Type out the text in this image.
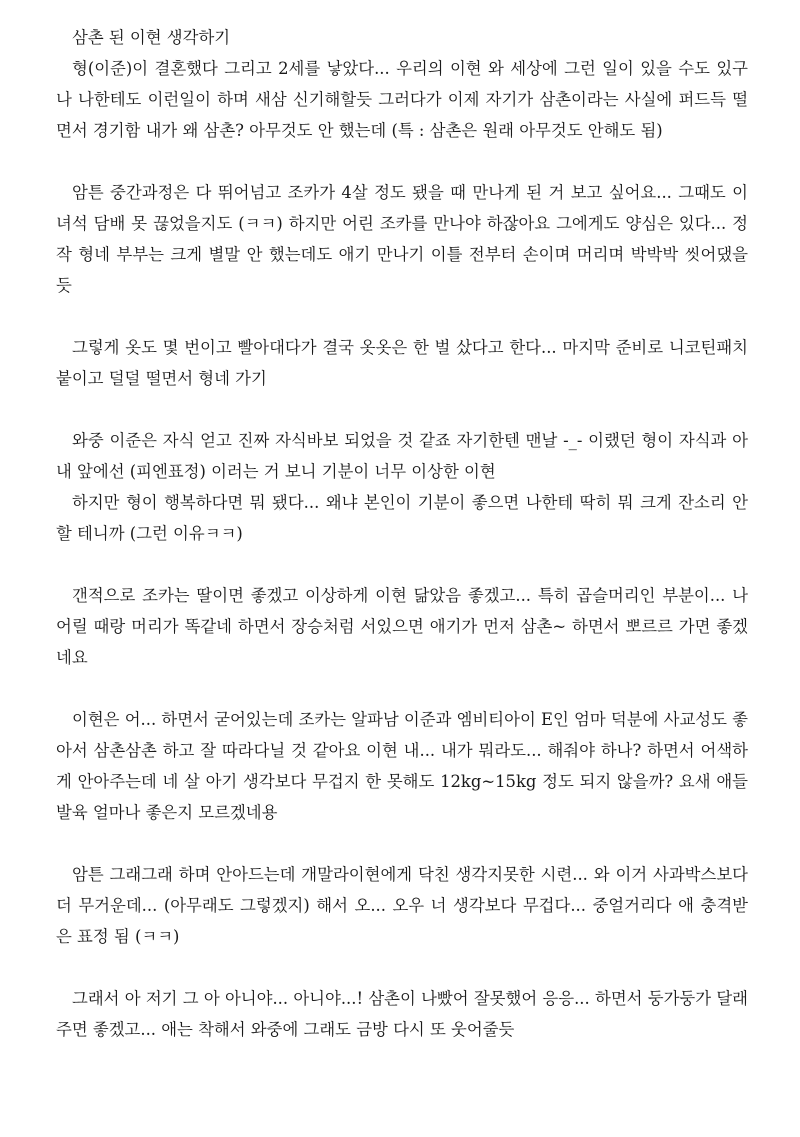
삼촌 된 이현 생각하기

형(이준)이 결혼했다 그리고 2세를 낳았다... 우리의 이현 와 세상에 그런 일이 있을 수도 있구나 나한테도 이런일이 하며 새삼 신기해할듯 그러다가 이제 자기가 삼촌이라는 사실에 퍼드득 떨면서 경기함 내가 왜 삼촌? 아무것도 안 했는데 (특 : 삼촌은 원래 아무것도 안해도 됨)

암튼 중간과정은 다 뛰어넘고 조카가 4살 정도 됐을 때 만나게 된 거 보고 싶어요... 그때도 이 녀석 담배 못 끊었을지도 (ㅋㅋ) 하지만 어린 조카를 만나야 하잖아요 그에게도 양심은 있다... 정작 형네 부부는 크게 별말 안 했는데도 애기 만나기 이틀 전부터 손이며 머리며 박박박 씻어댔을 듯

그렇게 옷도 몇 번이고 빨아대다가 결국 옷옷은 한 벌 샀다고 한다... 마지막 준비로 니코틴패치 붙이고 덜덜 떨면서 형네 가기

와중 이준은 자식 얻고 진짜 자식바보 되었을 것 같죠 자기한텐 맨날 -_- 이랬던 형이 자식과 아내 앞에선 (피엔표정) 이러는 거 보니 기분이 너무 이상한 이현

하지만 형이 행복하다면 뭐 됐다... 왜냐 본인이 기분이 좋으면 나한테 딱히 뭐 크게 잔소리 안 할 테니까 (그런 이유ㅋㅋ)

갠적으로 조카는 딸이면 좋겠고 이상하게 이현 닮았음 좋겠고... 특히 곱슬머리인 부분이... 나 어릴 때랑 머리가 똑같네 하면서 장승처럼 서있으면 애기가 먼저 삼촌~ 하면서 뽀르르 가면 좋겠네요

이현은 어... 하면서 굳어있는데 조카는 알파남 이준과 엠비티아이 E인 엄마 덕분에 사교성도 좋아서 삼촌삼촌 하고 잘 따라다닐 것 같아요 이현 내... 내가 뭐라도... 해줘야 하나? 하면서 어색하게 안아주는데 네 살 아기 생각보다 무겁지 한 못해도 12kg~15kg 정도 되지 않을까? 요새 애들 발육 얼마나 좋은지 모르겠네용

암튼 그래그래 하며 안아드는데 개말라이현에게 닥친 생각지못한 시련... 와 이거 사과박스보다 더 무거운데... (아무래도 그렇겠지) 해서 오... 오우 너 생각보다 무겁다... 중얼거리다 애 충격받은 표정 됨 (ㅋㅋ)

그래서 아 저기 그 아 아니야... 아니야...! 삼촌이 나빴어 잘못했어 응응... 하면서 둥가둥가 달래주면 좋겠고... 애는 착해서 와중에 그래도 금방 다시 또 웃어줄듯
